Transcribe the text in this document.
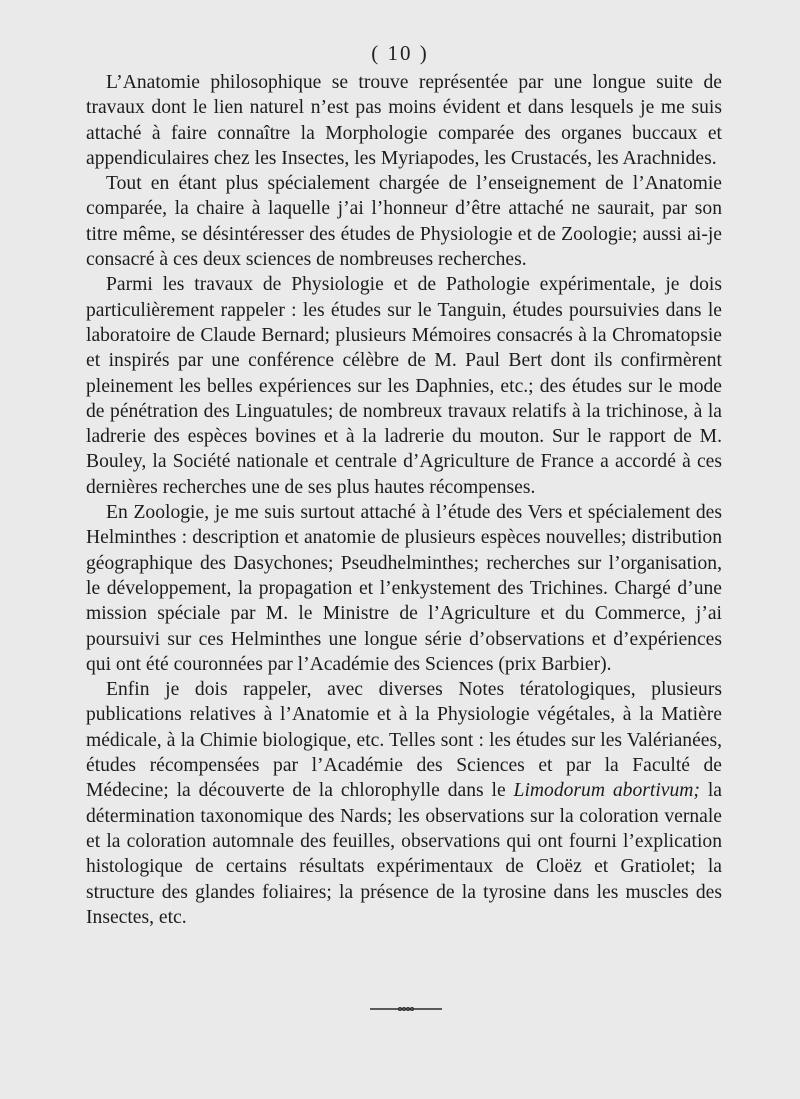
( 10 )

L’Anatomie philosophique se trouve représentée par une longue suite de travaux dont le lien naturel n’est pas moins évident et dans lesquels je me suis attaché à faire connaître la Morphologie comparée des organes buccaux et appendiculaires chez les Insectes, les Myriapodes, les Crustacés, les Arachnides.

Tout en étant plus spécialement chargée de l’enseignement de l’Anatomie comparée, la chaire à laquelle j’ai l’honneur d’être attaché ne saurait, par son titre même, se désintéresser des études de Physiologie et de Zoologie; aussi ai-je consacré à ces deux sciences de nombreuses recherches.

Parmi les travaux de Physiologie et de Pathologie expérimentale, je dois particulièrement rappeler : les études sur le Tanguin, études poursuivies dans le laboratoire de Claude Bernard; plusieurs Mémoires consacrés à la Chromatopsie et inspirés par une conférence célèbre de M. Paul Bert dont ils confirmèrent pleinement les belles expériences sur les Daphnies, etc.; des études sur le mode de pénétration des Linguatules; de nombreux travaux relatifs à la trichinose, à la ladrerie des espèces bovines et à la ladrerie du mouton. Sur le rapport de M. Bouley, la Société nationale et centrale d’Agriculture de France a accordé à ces dernières recherches une de ses plus hautes récompenses.

En Zoologie, je me suis surtout attaché à l’étude des Vers et spécialement des Helminthes : description et anatomie de plusieurs espèces nouvelles; distribution géographique des Dasychones; Pseudhelminthes; recherches sur l’organisation, le développement, la propagation et l’enkystement des Trichines. Chargé d’une mission spéciale par M. le Ministre de l’Agriculture et du Commerce, j’ai poursuivi sur ces Helminthes une longue série d’observations et d’expériences qui ont été couronnées par l’Académie des Sciences (prix Barbier).

Enfin je dois rappeler, avec diverses Notes tératologiques, plusieurs publications relatives à l’Anatomie et à la Physiologie végétales, à la Matière médicale, à la Chimie biologique, etc. Telles sont : les études sur les Valérianées, études récompensées par l’Académie des Sciences et par la Faculté de Médecine; la découverte de la chlorophylle dans le Limodorum abortivum; la détermination taxonomique des Nards; les observations sur la coloration vernale et la coloration automnale des feuilles, observations qui ont fourni l’explication histologique de certains résultats expérimentaux de Cloëz et Gratiolet; la structure des glandes foliaires; la présence de la tyrosine dans les muscles des Insectes, etc.
